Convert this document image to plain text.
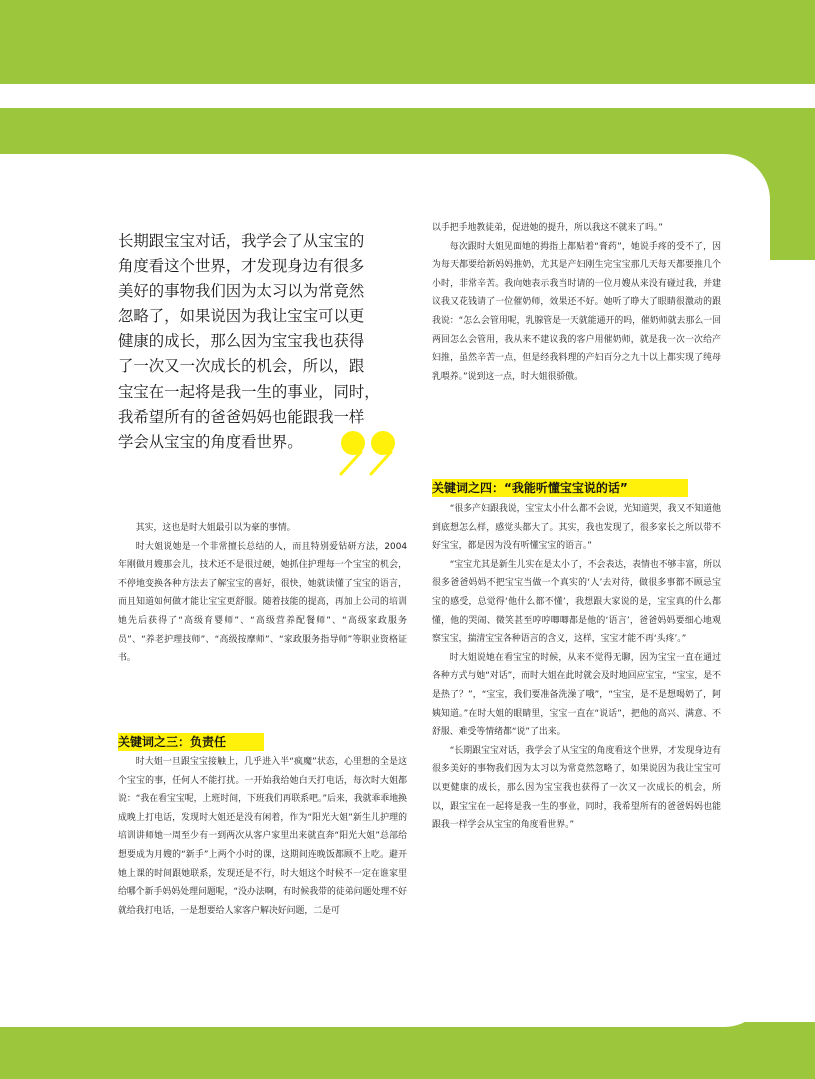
长期跟宝宝对话，我学会了从宝宝的
角度看这个世界，才发现身边有很多
美好的事物我们因为太习以为常竟然
忽略了，如果说因为我让宝宝可以更
健康的成长，那么因为宝宝我也获得
了一次又一次成长的机会，所以，跟
宝宝在一起将是我一生的事业，同时，
我希望所有的爸爸妈妈也能跟我一样
学会从宝宝的角度看世界。

其实，这也是时大姐最引以为豪的事情。

时大姐说她是一个非常擅长总结的人，而且特别爱钻研方法，2004 年刚做月嫂那会儿，技术还不是很过硬，她抓住护理每一个宝宝的机会，不停地变换各种方法去了解宝宝的喜好，很快，她就读懂了宝宝的语言，而且知道如何做才能让宝宝更舒服。随着技能的提高，再加上公司的培训她先后获得了“高级育婴师”、“高级营养配餐师”、“高级家政服务员”、“养老护理技师”、“高级按摩师”、“家政服务指导师”等职业资格证书。

关键词之三：负责任

时大姐一旦跟宝宝接触上，几乎进入半“疯魔”状态，心里想的全是这个宝宝的事，任何人不能打扰。一开始我给她白天打电话，每次时大姐都说：“我在看宝宝呢，上班时间，下班我们再联系吧。”后来，我就乖乖地换成晚上打电话，发现时大姐还是没有闲着，作为“阳光大姐”新生儿护理的培训讲师她一周至少有一到两次从客户家里出来就直奔“阳光大姐”总部给想要成为月嫂的“新手”上两个小时的课，这期间连晚饭都顾不上吃。避开她上课的时间跟她联系，发现还是不行，时大姐这个时候不一定在谁家里给哪个新手妈妈处理问题呢，“没办法啊，有时候我带的徒弟问题处理不好就给我打电话，一是想要给人家客户解决好问题，二是可

以手把手地教徒弟，促进她的提升，所以我这不就来了吗。”

每次跟时大姐见面她的拇指上都贴着“膏药”，她说手疼的受不了，因为每天都要给新妈妈推奶，尤其是产妇刚生完宝宝那几天每天都要推几个小时，非常辛苦。我向她表示我当时请的一位月嫂从来没有碰过我，并建议我又花钱请了一位催奶师，效果还不好。她听了睁大了眼睛很激动的跟我说：“怎么会管用呢，乳腺管是一天就能通开的吗，催奶师就去那么一回两回怎么会管用，我从来不建议我的客户用催奶师，就是我一次一次给产妇推，虽然辛苦一点，但是经我料理的产妇百分之九十以上都实现了纯母乳喂养。”说到这一点，时大姐很骄傲。

关键词之四：“我能听懂宝宝说的话”

“很多产妇跟我说，宝宝太小什么都不会说，光知道哭，我又不知道他到底想怎么样，感觉头都大了。其实，我也发现了，很多家长之所以带不好宝宝，都是因为没有听懂宝宝的语言。”

“宝宝尤其是新生儿实在是太小了，不会表达，表情也不够丰富，所以很多爸爸妈妈不把宝宝当做一个真实的‘人’去对待，做很多事都不顾忌宝宝的感受，总觉得‘他什么都不懂’，我想跟大家说的是，宝宝真的什么都懂，他的哭闹、微笑甚至哼哼唧唧都是他的‘语言’，爸爸妈妈要细心地观察宝宝，揣清宝宝各种语言的含义，这样，宝宝才能不再‘头疼’。”

时大姐说她在看宝宝的时候，从来不觉得无聊，因为宝宝一直在通过各种方式与她“对话”，而时大姐在此时就会及时地回应宝宝，“宝宝，是不是热了？”，“宝宝，我们要准备洗澡了哦”，“宝宝，是不是想喝奶了，阿姨知道。”在时大姐的眼睛里，宝宝一直在“说话”，把他的高兴、满意、不舒服、难受等情绪都“说”了出来。

“长期跟宝宝对话，我学会了从宝宝的角度看这个世界，才发现身边有很多美好的事物我们因为太习以为常竟然忽略了，如果说因为我让宝宝可以更健康的成长，那么因为宝宝我也获得了一次又一次成长的机会，所以，跟宝宝在一起将是我一生的事业，同时，我希望所有的爸爸妈妈也能跟我一样学会从宝宝的角度看世界。”
